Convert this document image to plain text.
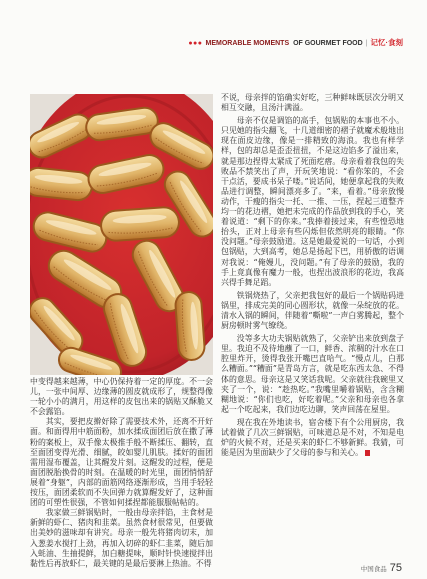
●●● MEMORABLE MOMENTS OF GOURMET FOOD | 记忆·食刻

中变得越来越薄，中心仍保持着一定的厚度。不一会儿，一张中间厚、边缘薄的圆皮就成形了，规整得像一轮小小的满月，用这样的皮包出来的锅贴又酥脆又不会露馅。

其实，要把皮擀好除了需要技术外，还离不开好面。和面得用中筋面粉，加水揉成面团后放在撒了薄粉的案板上，双手像太极推手般不断揉压、翻转，直至面团变得光滑、细腻，皎如婴儿肌肤。揉好的面团需用湿布覆盖，让其醒发片刻。这醒发的过程，便是面团脱胎换骨的时刻。在温暖的时光里，面团悄悄舒展着“身躯”，内部的面筋网络逐渐形成，当用手轻轻按压，面团柔软而不失回弹力就算醒发好了，这种面团的可塑性很强，不管如何揉捏都能服服帖帖的。

我家做三鲜锅贴时，一般由母亲拌馅，主食材是新鲜的虾仁、猪肉和韭菜。虽然食材很常见，但要做出美妙的滋味却有讲究。母亲一般先将猪肉切末，加入葱姜水搅打上劲，再加入切碎的虾仁韭菜，随后加入蚝油、生抽提鲜，加白糖提味，顺时针快速搅拌出黏性后再放虾仁，最关键的是最后要淋上热油。不得

不说，母亲拌的馅确实好吃，三种鲜味既层次分明又相互交融，且汤汁满溢。

母亲不仅是调馅的高手，包锅贴的本事也不小。只见她的指尖翻飞，十几道细密的褶子就魔术般地出现在面皮边缘，像是一排精致的海浪。我也有样学样，包的却总是歪歪扭扭，不是这边馅多了溢出来，就是那边捏得太紧成了死面疙瘩。母亲看着我包的失败品不禁笑出了声，开玩笑地说：“看你笨的，不会干点活，要成书呆子喽。”说话间，她便拿起我的失败品进行调整，瞬间漂亮多了。“来，看着。”母亲放慢动作，干瘦的指尖一托、一推、一压，捏起三道整齐均一的花边褶，她把未完成的作品放到我的手心，笑着说道：“剩下的你来。”我捧着接过来，有些惶恐地抬头，正对上母亲有些闪烁但依然明亮的眼睛。“你没问题。”母亲鼓励道。这是她最爱说的一句话，小到包锅贴，大到高考，她总是扬起下巴，用骄傲的语调对我说：“俺嫚儿，没问题。”有了母亲的鼓励，我的手上竟真像有魔力一般，也捏出波浪形的花边，我高兴得手舞足蹈。

铁锅烧热了，父亲把我包好的最后一个锅贴码进锅里，排成完美的同心圆形状，就像一朵绽放的花。清水入锅的瞬间，伴随着“嘶啦”一声白雾腾起，整个厨房顿时雾气缭绕。

没等多大功夫锅贴就熟了，父亲铲出来放到盘子里。我迫不及待地蘸了一口，鲜香、浓稠的汁水在口腔里炸开，烫得我张开嘴巴直哈气。“慢点儿，白那么糟面。”“糟面”是青岛方言，就是吃东西太急、不得体的意思。母亲这是又笑话我呢。父亲就往我碗里又夹了一个，说：“趁热吃。”我嘴里嚼着锅贴，含含糊糊地说：“你们也吃，好吃着呢。”父亲和母亲也各拿起一个吃起来，我们边吃边聊，笑声回荡在屋里。

现在我在外地读书，宿舍楼下有个公用厨房，我试着做了几次三鲜锅贴，可味道总是不对，不知是电炉的火候不对，还是买来的虾仁不够新鲜。我猜，可能是因为里面缺少了父母的参与和关心。

中国食品 75
